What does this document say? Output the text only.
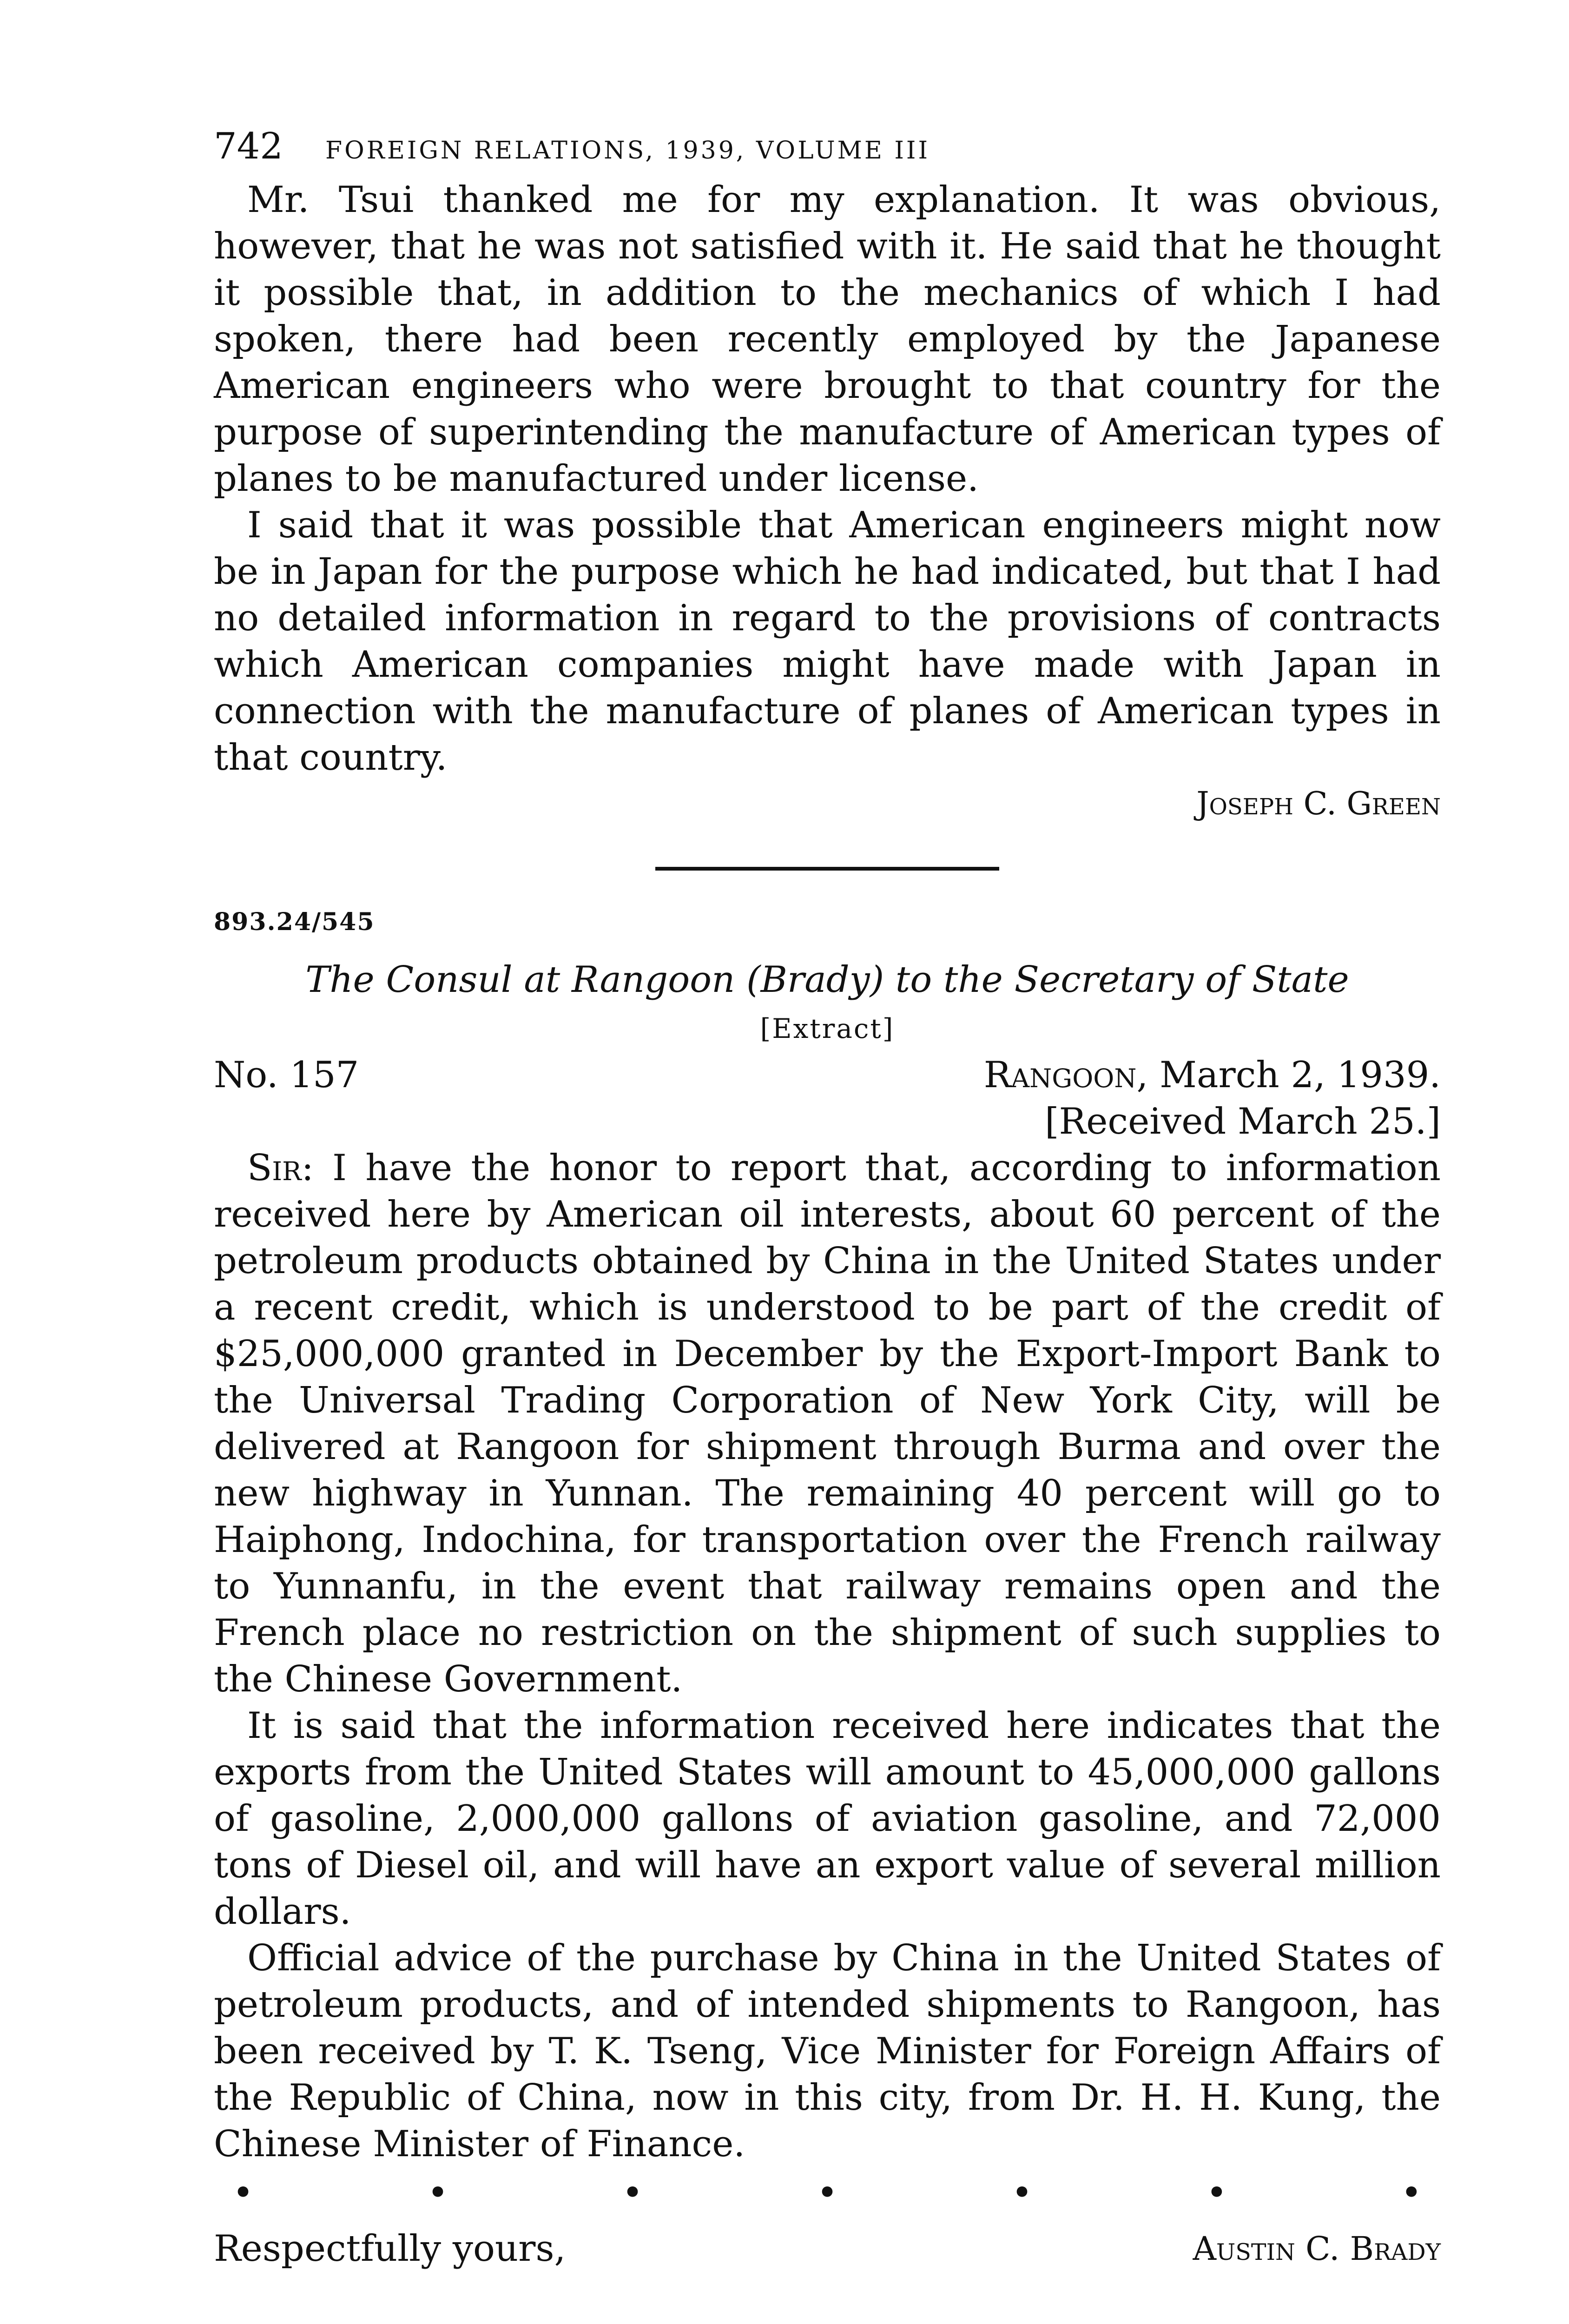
742	FOREIGN RELATIONS, 1939, VOLUME III

Mr. Tsui thanked me for my explanation. It was obvious, however, that he was not satisfied with it. He said that he thought it possible that, in addition to the mechanics of which I had spoken, there had been recently employed by the Japanese American engineers who were brought to that country for the purpose of superintending the manufacture of American types of planes to be manufactured under license.

I said that it was possible that American engineers might now be in Japan for the purpose which he had indicated, but that I had no detailed information in regard to the provisions of contracts which American companies might have made with Japan in connection with the manufacture of planes of American types in that country.

Joseph C. Green

893.24/545

The Consul at Rangoon (Brady) to the Secretary of State

[Extract]

No. 157	Rangoon, March 2, 1939.

[Received March 25.]

Sir: I have the honor to report that, according to information received here by American oil interests, about 60 percent of the petroleum products obtained by China in the United States under a recent credit, which is understood to be part of the credit of $25,000,000 granted in December by the Export-Import Bank to the Universal Trading Corporation of New York City, will be delivered at Rangoon for shipment through Burma and over the new highway in Yunnan. The remaining 40 percent will go to Haiphong, Indochina, for transportation over the French railway to Yunnanfu, in the event that railway remains open and the French place no restriction on the shipment of such supplies to the Chinese Government.

It is said that the information received here indicates that the exports from the United States will amount to 45,000,000 gallons of gasoline, 2,000,000 gallons of aviation gasoline, and 72,000 tons of Diesel oil, and will have an export value of several million dollars.

Official advice of the purchase by China in the United States of petroleum products, and of intended shipments to Rangoon, has been received by T. K. Tseng, Vice Minister for Foreign Affairs of the Republic of China, now in this city, from Dr. H. H. Kung, the Chinese Minister of Finance.

•	•	•	•	•	•	•
Respectfully yours,	Austin C. Brady
